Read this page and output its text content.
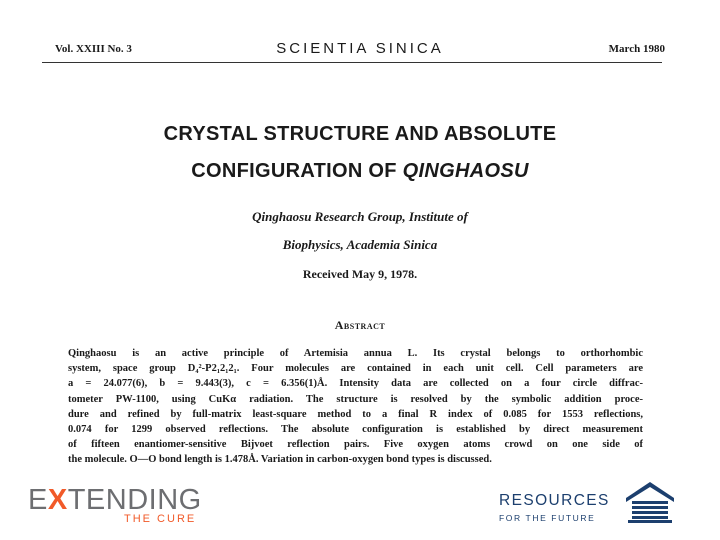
Vol. XXIII No. 3	SCIENTIA SINICA	March 1980
CRYSTAL STRUCTURE AND ABSOLUTE
CONFIGURATION OF QINGHAOSU
Qinghaosu Research Group, Institute of
Biophysics, Academia Sinica
Received May 9, 1978.
Abstract
Qinghaosu is an active principle of Artemisia annua L. Its crystal belongs to orthorhombic
system, space group D₄²-P2₁2₁2₁. Four molecules are contained in each unit cell. Cell parameters are
a = 24.077(6), b = 9.443(3), c = 6.356(1)Å. Intensity data are collected on a four circle diffrac-
tometer PW-1100, using CuKα radiation. The structure is resolved by the symbolic addition proce-
dure and refined by full-matrix least-square method to a final R index of 0.085 for 1553 reflections,
0.074 for 1299 observed reflections. The absolute configuration is established by direct measurement
of fifteen enantiomer-sensitive Bijvoet reflection pairs. Five oxygen atoms crowd on one side of
the molecule. O—O bond length is 1.478Å. Variation in carbon-oxygen bond types is discussed.
EXTENDING
THE CURE
RESOURCES
FOR THE FUTURE
